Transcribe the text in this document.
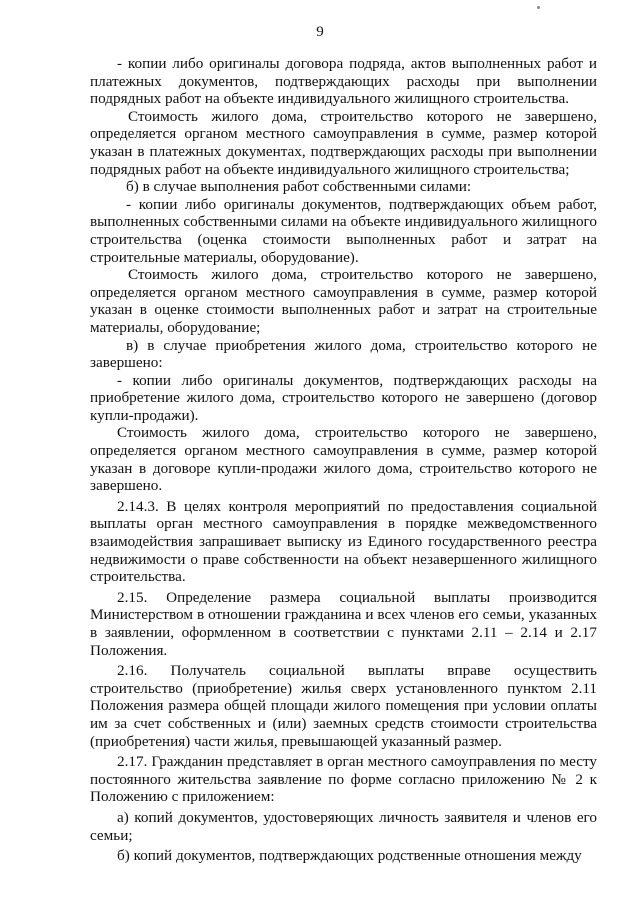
9

- копии либо оригиналы договора подряда, актов выполненных работ и платежных документов, подтверждающих расходы при выполнении подрядных работ на объекте индивидуального жилищного строительства.

Стоимость жилого дома, строительство которого не завершено, определяется органом местного самоуправления в сумме, размер которой указан в платежных документах, подтверждающих расходы при выполнении подрядных работ на объекте индивидуального жилищного строительства;

б) в случае выполнения работ собственными силами:

- копии либо оригиналы документов, подтверждающих объем работ, выполненных собственными силами на объекте индивидуального жилищного строительства (оценка стоимости выполненных работ и затрат на строительные материалы, оборудование).

Стоимость жилого дома, строительство которого не завершено, определяется органом местного самоуправления в сумме, размер которой указан в оценке стоимости выполненных работ и затрат на строительные материалы, оборудование;

в) в случае приобретения жилого дома, строительство которого не завершено:

- копии либо оригиналы документов, подтверждающих расходы на приобретение жилого дома, строительство которого не завершено (договор купли-продажи).

Стоимость жилого дома, строительство которого не завершено, определяется органом местного самоуправления в сумме, размер которой указан в договоре купли-продажи жилого дома, строительство которого не завершено.

2.14.3. В целях контроля мероприятий по предоставления социальной выплаты орган местного самоуправления в порядке межведомственного взаимодействия запрашивает выписку из Единого государственного реестра недвижимости о праве собственности на объект незавершенного жилищного строительства.

2.15. Определение размера социальной выплаты производится Министерством в отношении гражданина и всех членов его семьи, указанных в заявлении, оформленном в соответствии с пунктами 2.11 – 2.14 и 2.17 Положения.

2.16. Получатель социальной выплаты вправе осуществить строительство (приобретение) жилья сверх установленного пунктом 2.11 Положения размера общей площади жилого помещения при условии оплаты им за счет собственных и (или) заемных средств стоимости строительства (приобретения) части жилья, превышающей указанный размер.

2.17. Гражданин представляет в орган местного самоуправления по месту постоянного жительства заявление по форме согласно приложению № 2 к Положению с приложением:

а) копий документов, удостоверяющих личность заявителя и членов его семьи;

б) копий документов, подтверждающих родственные отношения между
